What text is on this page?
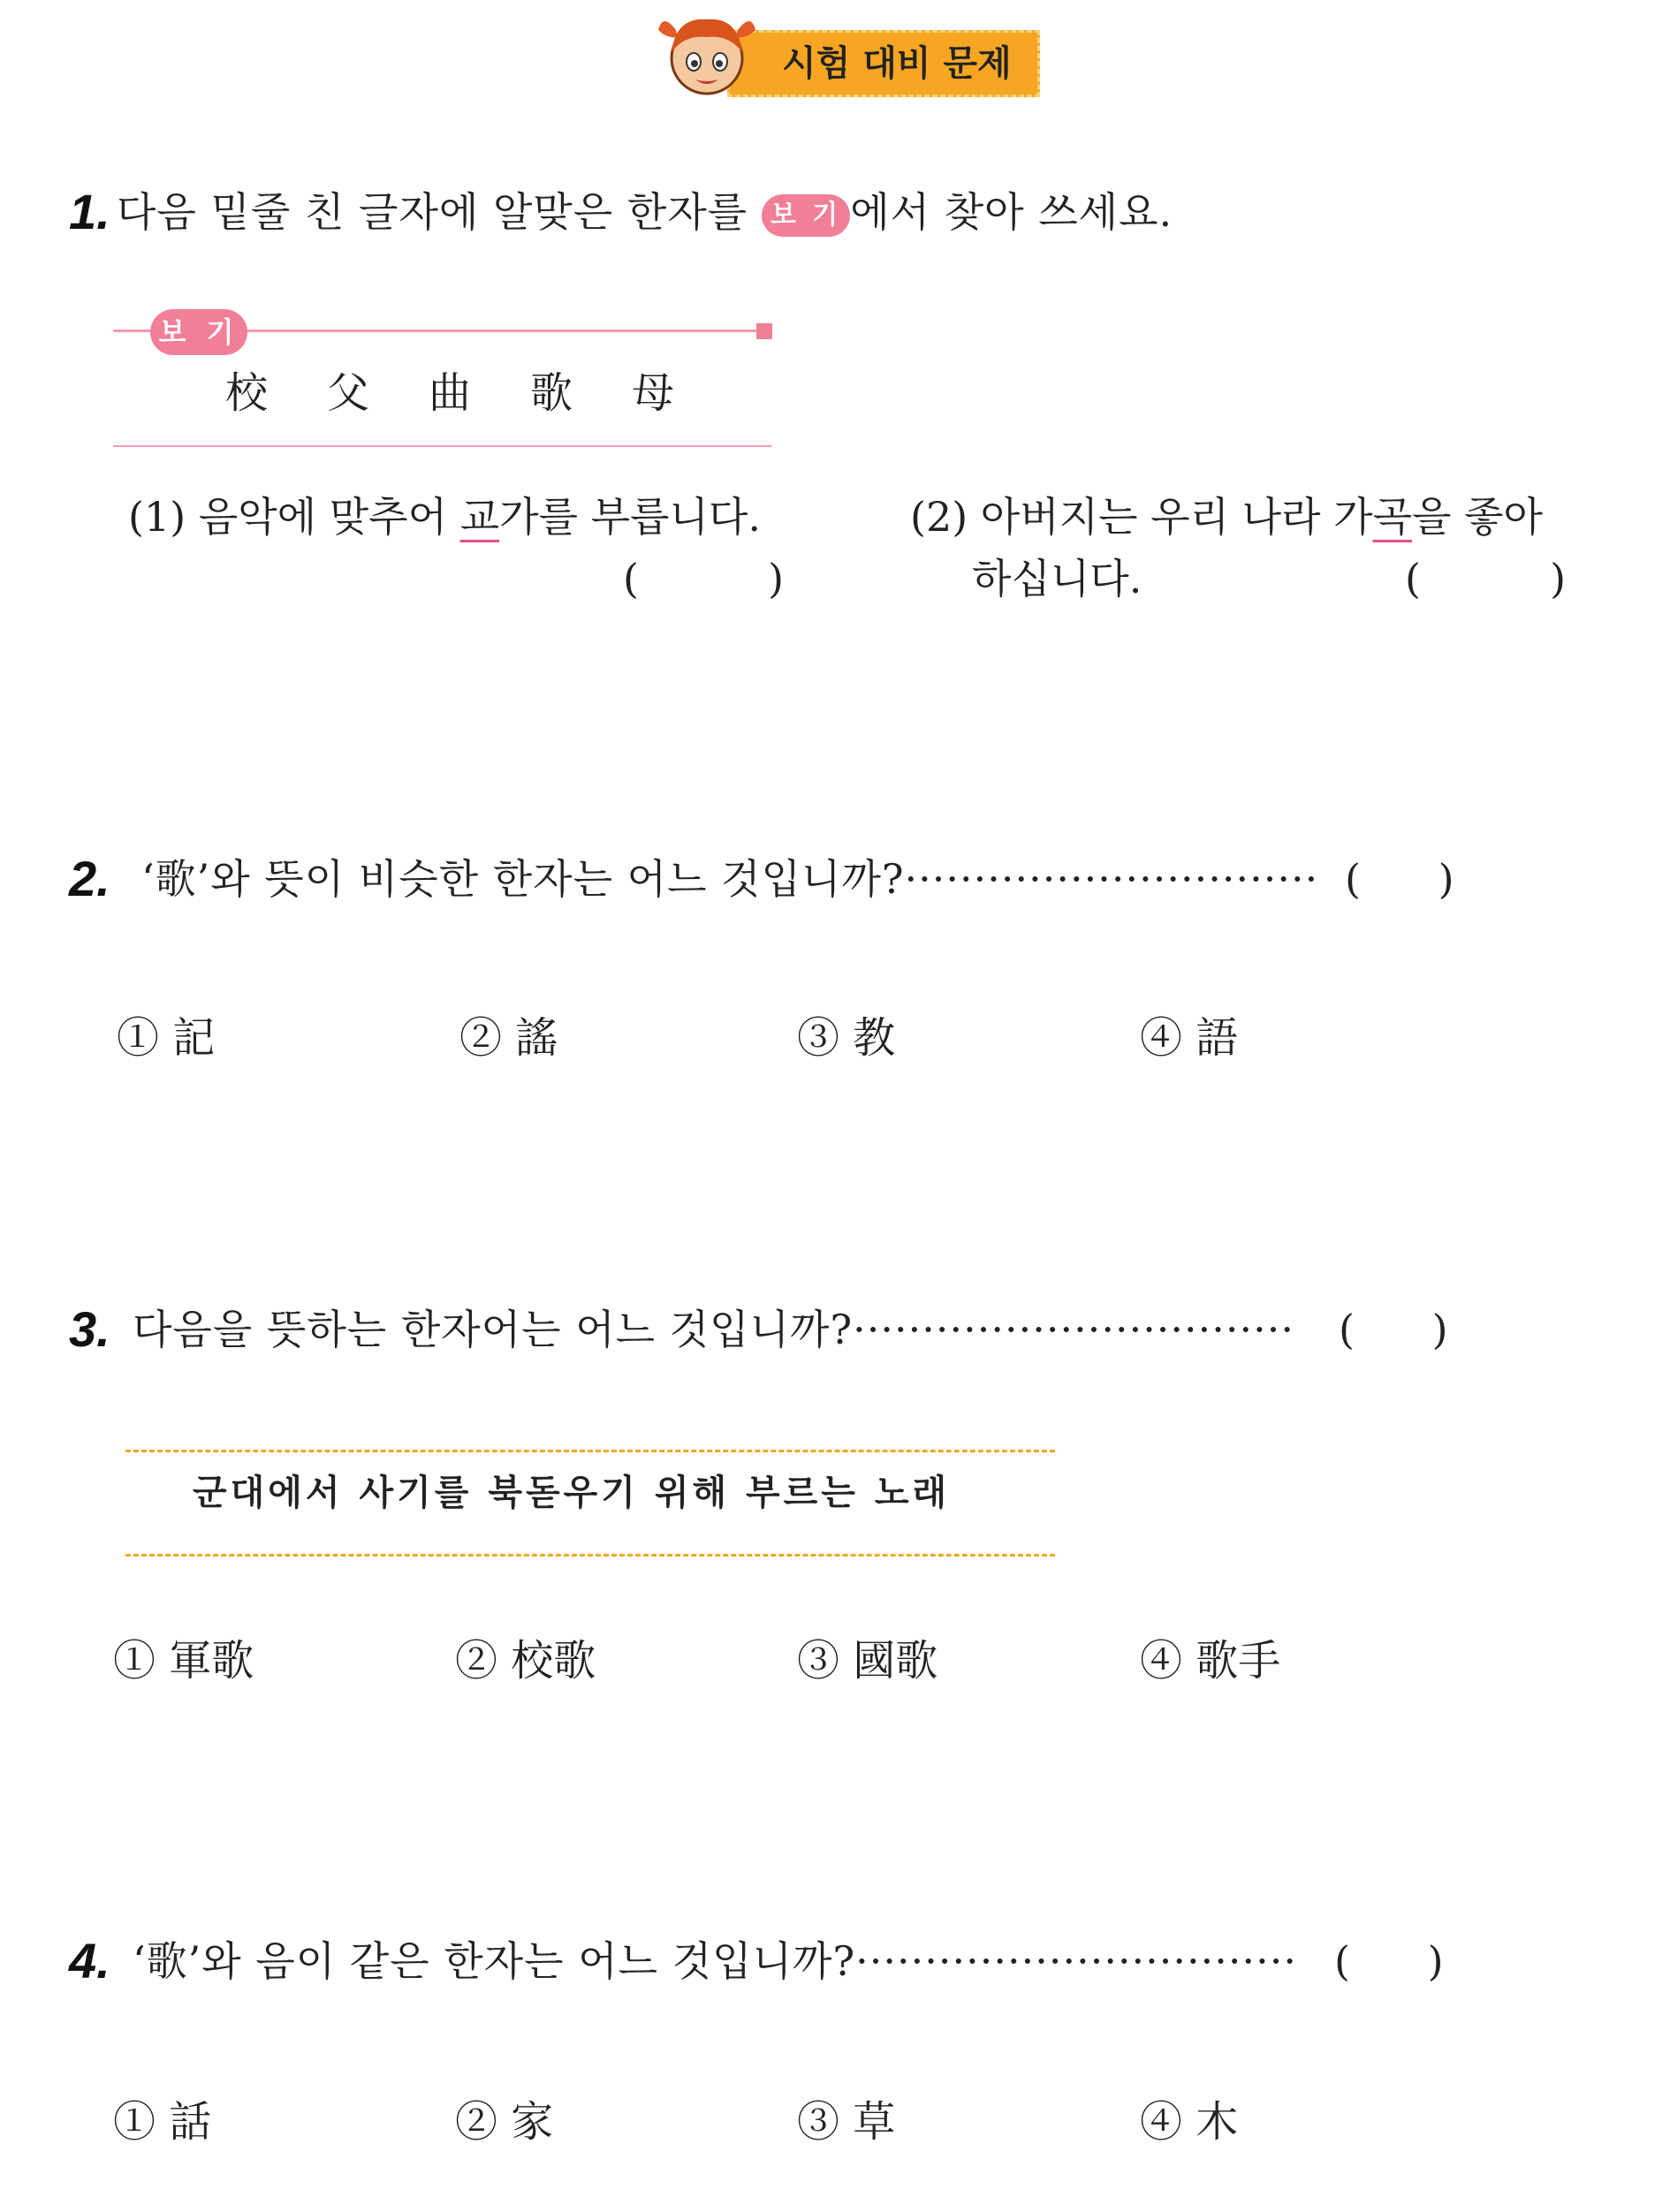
시험 대비 문제
1. 다음 밑줄 친 글자에 알맞은 한자를 보 기 에서 찾아 쓰세요.
보 기
校 父 曲 歌 母
(1) 음악에 맞추어 교가를 부릅니다.
(          )
(2) 아버지는 우리 나라 가곡을 좋아
하십니다.	(          )
2. ‘歌’와 뜻이 비슷한 한자는 어느 것입니까?······························ (      )
① 記	② 謠	③ 教	④ 語
3. 다음을 뜻하는 한자어는 어느 것입니까?································ (      )
군대에서 사기를 북돋우기 위해 부르는 노래
① 軍歌	② 校歌	③ 國歌	④ 歌手
4. ‘歌’와 음이 같은 한자는 어느 것입니까?································ (      )
① 話	② 家	③ 草	④ 木
